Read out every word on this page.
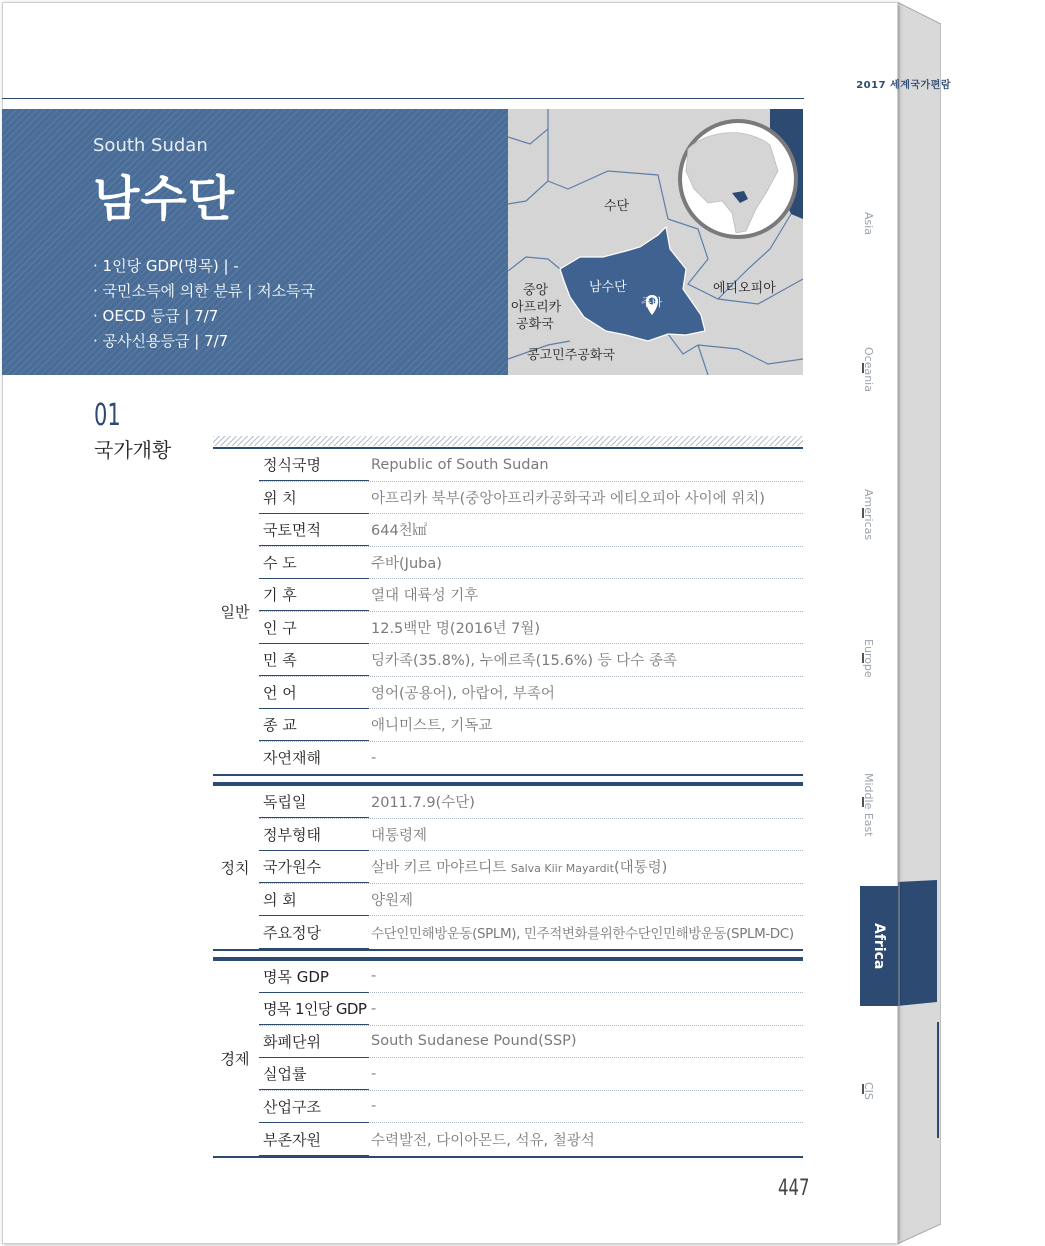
2017 세계국가편람
South Sudan
남수단
· 1인당 GDP(명목) | -
· 국민소득에 의한 분류 | 저소득국
· OECD 등급 | 7/7
· 공사신용등급 | 7/7
수단
남수단
주바
에티오피아
중앙
아프리카
공화국
콩고민주공화국
01
국가개황
일반
정식국명	Republic of South Sudan
위 치	아프리카 북부(중앙아프리카공화국과 에티오피아 사이에 위치)
국토면적	644천㎢
수 도	주바(Juba)
기 후	열대 대륙성 기후
인 구	12.5백만 명(2016년 7월)
민 족	딩카족(35.8%), 누에르족(15.6%) 등 다수 종족
언 어	영어(공용어), 아랍어, 부족어
종 교	애니미스트, 기독교
자연재해	-
정치
독립일	2011.7.9(수단)
정부형태	대통령제
국가원수	살바 키르 마야르디트 Salva Kiir Mayardit(대통령)
의 회	양원제
주요정당	수단인민해방운동(SPLM), 민주적변화를위한수단인민해방운동(SPLM-DC)
경제
명목 GDP	-
명목 1인당 GDP -
화폐단위	South Sudanese Pound(SSP)
실업률	-
산업구조	-
부존자원	수력발전, 다이아몬드, 석유, 철광석
447
Asia
Oceania
Americas
Europe
Middle East
Africa
CIS
